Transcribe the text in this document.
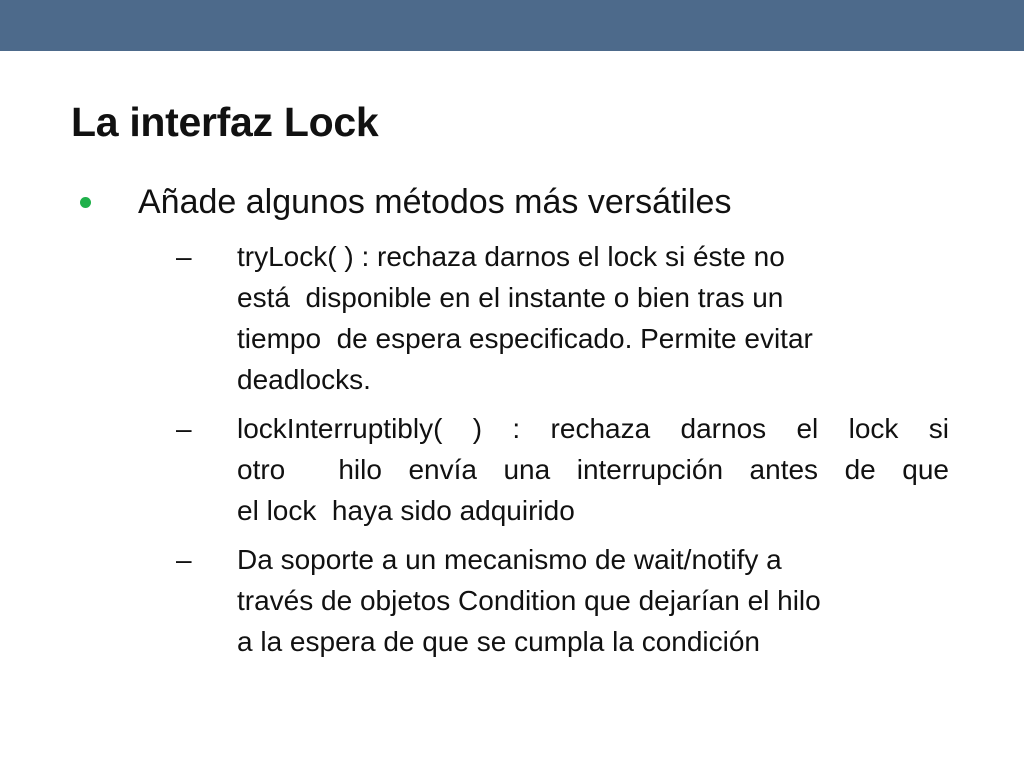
La interfaz Lock
Añade algunos métodos más versátiles
– tryLock( ) : rechaza darnos el lock si éste no
está  disponible en el instante o bien tras un
tiempo  de espera especificado. Permite evitar
deadlocks.
– lockInterruptibly( ) : rechaza darnos el lock si
otro  hilo envía una interrupción antes de que
el lock  haya sido adquirido
– Da soporte a un mecanismo de wait/notify a
través de objetos Condition que dejarían el hilo
a la espera de que se cumpla la condición
